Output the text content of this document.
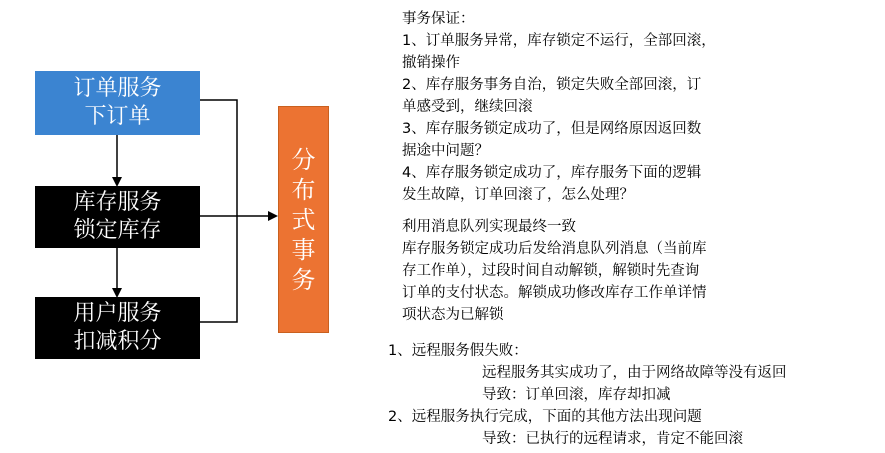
订单服务
下订单
库存服务
锁定库存
用户服务
扣减积分
分
布
式
事
务
事务保证：
1、订单服务异常，库存锁定不运行，全部回滚，
撤销操作
2、库存服务事务自治，锁定失败全部回滚，订
单感受到，继续回滚
3、库存服务锁定成功了，但是网络原因返回数
据途中问题？
4、库存服务锁定成功了，库存服务下面的逻辑
发生故障，订单回滚了，怎么处理？
利用消息队列实现最终一致
库存服务锁定成功后发给消息队列消息（当前库
存工作单），过段时间自动解锁，解锁时先查询
订单的支付状态。解锁成功修改库存工作单详情
项状态为已解锁
1、远程服务假失败：
远程服务其实成功了，由于网络故障等没有返回
导致：订单回滚，库存却扣减
2、远程服务执行完成，下面的其他方法出现问题
导致：已执行的远程请求，肯定不能回滚
